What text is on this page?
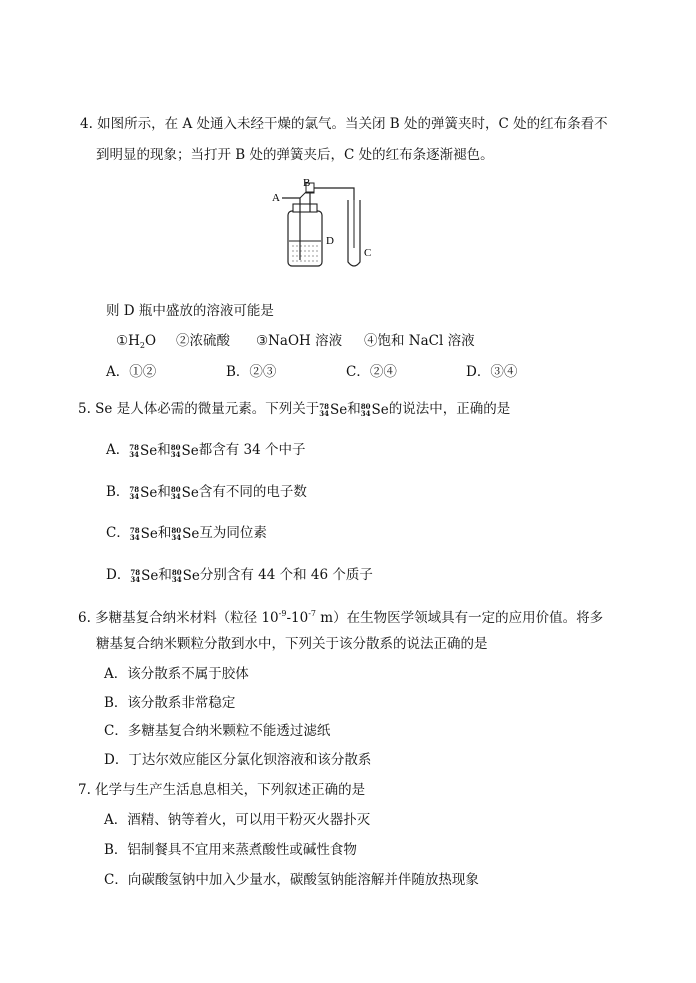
4. 如图所示，在 A 处通入未经干燥的氯气。当关闭 B 处的弹簧夹时，C 处的红布条看不
到明显的现象；当打开 B 处的弹簧夹后，C 处的红布条逐渐褪色。
A
B
D
C
则 D 瓶中盛放的溶液可能是
$①H_2O$ ②浓硫酸 ③NaOH 溶液 ④饱和 NaCl 溶液
A．①②	B．②③	C．②④	D．③④
5. Se 是人体必需的微量元素。下列关于 78
34 Se 和 80
34 Se 的说法中，正确的是
A． 78
34 Se 和 80
34 Se 都含有 34 个中子
B． 78
34 Se 和 80
34 Se 含有不同的电子数
C． 78
34 Se 和 80
34 Se 互为同位素
D． 78
34 Se 和 80
34 Se 分别含有 44 个和 46 个质子
6. 多糖基复合纳米材料（粒径 $10^{-9}-10^{-7}$ m）在生物医学领域具有一定的应用价值。将多
糖基复合纳米颗粒分散到水中，下列关于该分散系的说法正确的是
A．该分散系不属于胶体
B．该分散系非常稳定
C．多糖基复合纳米颗粒不能透过滤纸
D．丁达尔效应能区分氯化钡溶液和该分散系
7. 化学与生产生活息息相关，下列叙述正确的是
A．酒精、钠等着火，可以用干粉灭火器扑灭
B．铝制餐具不宜用来蒸煮酸性或碱性食物
C．向碳酸氢钠中加入少量水，碳酸氢钠能溶解并伴随放热现象
